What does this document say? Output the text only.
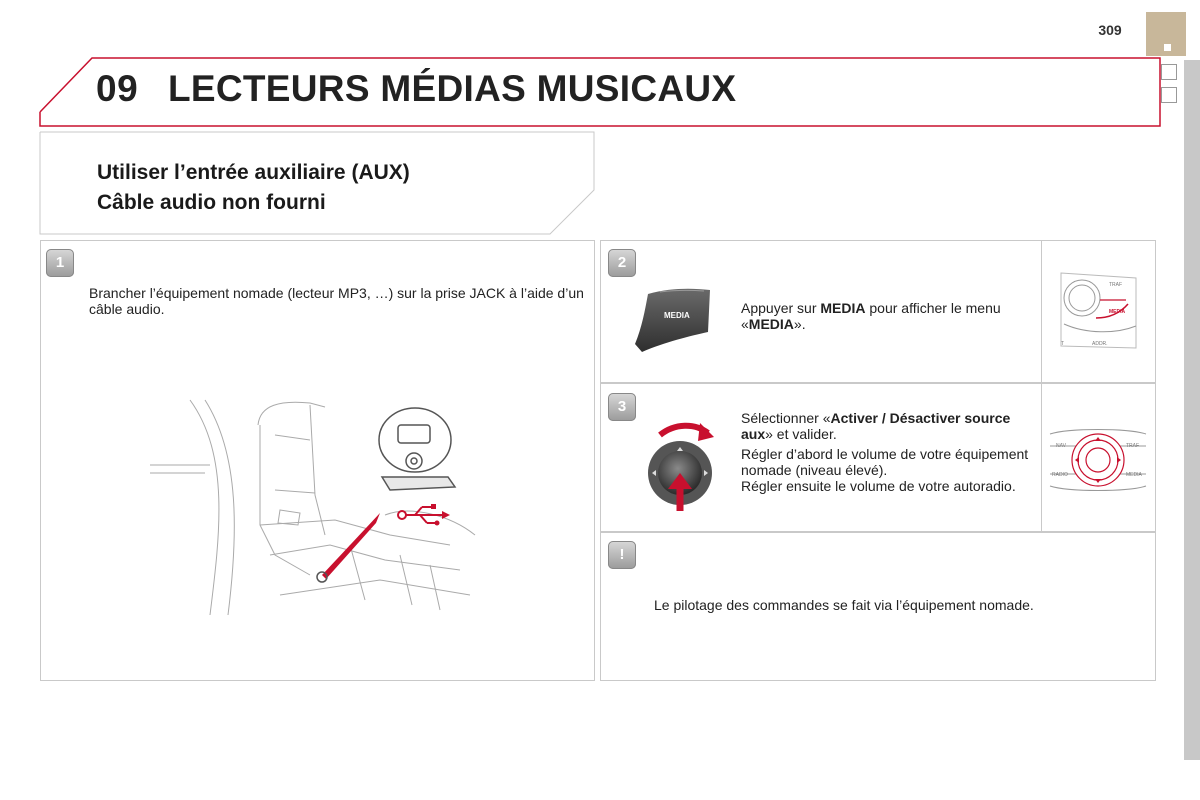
309
09 LECTEURS MÉDIAS MUSICAUX
Utiliser l’entrée auxiliaire (AUX)
Câble audio non fourni
1
Brancher l’équipement nomade (lecteur MP3, …) sur la prise JACK à l’aide d’un câble audio.
2
Appuyer sur MEDIA pour afficher le menu «MEDIA».
MEDIA
TRAF
MEDIA
ADDR.
T
3
Sélectionner «Activer / Désactiver source aux» et valider.
Régler d’abord le volume de votre équipement nomade (niveau élevé).
Régler ensuite le volume de votre autoradio.
NAV	TRAF
RADIO	MEDIA
!
Le pilotage des commandes se fait via l’équipement nomade.
